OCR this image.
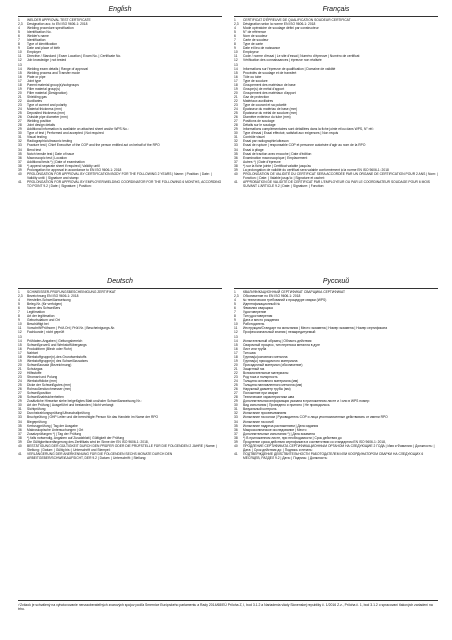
English
1	WELDER APPROVAL TEST CERTIFICATE
2,3	Designation acc. to EN ISO 9606-1: 2018
4	Welding procedure specification
5	Identification No.
6	Welder's name
7	Identification
8	Type of identification
9	Date and place of birth
10	Employer
11	Directive / Standard | Exam Location | Exam No. | Certificate No.
12	Job knowledge | not tested
13
14	Welding exam details | Range of approval
15	Welding process and Transfer mode
16	Plate or pipe
17	Joint type
18	Parent material group(s)/subgroups
19	Filler material group(s)
20	Filler material (Designation)
21	Shielding gas
22	Auxiliaries
23	Type of current and polarity
24	Material thickness (mm)
25	Deposited thickness (mm)
26	Outside pipe diameter (mm)
27	Welding position
28	Joint design details
29	Additional information is available on attached sheet and/or WPS No.:
30	Type of test | Performed and accepted | Not required
31	Visual testing
32	Radiographic/ultrasonic testing
33	Fracture test | Chief Executive of the COP and the person entitled act on behalf of the RPO
34	Bend test
35	Notch tensile test | Date of issue
36	Macroscopic test | Location
37	Additional tests *) | Date of examination
38	*) append separate sheet if required | Validity until
39	Prolongation for approval in accordance to EN ISO 9606-1: 2018
40	PROLONGATION FOR APPROVAL BY CERTIFICATION BODY FOR THE FOLLOWING 2 YEARS | Name: | Position: | Date: | Validity until: | Signature and stamp:
41	PROLONGATION FOR APPROVAL BY EMPLOYER/WELDING COORDINATOR FOR THE FOLLOWING 6 MONTHS, ACCORDING TO POINT 9.2 | Date: | Signature: | Position:
Français
1	CERTIFICAT D'ÉPREUVE DE QUALIFICATION SOUDEUR CERTIFICAT
2,3	Désignation selon la norme EN ISO 9606-1: 2018
4	Mode opératoire de soudage défini par constructeur
5	N° de référence
6	Nom de soudeur
7	Carte de soudeur
8	Type de carte
9	Date et lieu de naissance
10	Employeur
11	Code / norme d'essai | Le site d'essai | Numéro d'épreuve | Numéro de certificat
12	Vérification des connaissances | épreuve non réalisée
13
14	Informations sur l'épreuve de qualification | Domaine de validité
15	Procédés de soudage et de transfert
16	Tôle ou tube
17	Type de soudure
18	Groupement des matériaux de base
19	Groupe(s) de métal d'apport
20	Groupement des matériaux d'apport
21	Gaz de protection
22	Matériaux auxiliaires
23	Type de courant et sa polarité
24	Épaisseur du matériau de base (mm)
25	Épaisseur du métal de soudure (mm)
26	Diamètre extérieur du tube (mm)
27	Positions de soudage
28	Détails sur le soudage
29	Informations complémentaires sont détaillées dans la fiche jointe et/ou dans WPS, N° réf.:
30	Type d'essai | Essai effectué, satisfait aux exigences | Non requis
31	Contrôle visuel
32	Essai par radiographie/ultrason
33	Essai de rupture | responsable COP et personne autorisée d'agir au nom de la RPO
34	Essai à pliage
35	Essai de traction avec encoche | Date d'édition
36	Examination macroscopique | Emplacement
37	Autres *) | Date d'épreuve
38	*) sur la fiche jointe | Certificat valable jusqu'au
39	La prolongation de validité du certificat sera valable conformément à la norme EN ISO 9606-1: 2018
40	PROLONGATION DE VALIDITÉ DU CERTIFICAT SERA ACCORDÉE PAR UN ORGANE DE CERTIFICATION POUR 2 ANS | Nom: | Fonction: | Date: | Valable jusqu'à: | Signature et cachet:
41	APPROBATION DE VALIDITÉ DE CERTIFICAT PAR L'EMPLOYEUR OU PAR LE COORDINATEUR SOUDAGE POUR 6 MOIS SUIVANT L'ARTICLE 9.2 | Date: | Signature: | Fonction:
Deutsch
1	SCHWEISSER-PRÜFUNGSBESCHEINIGUNG ZERTIFIKAT
2,3	Bezeichnung EN ISO 9606-1: 2018
4	Hersteller-Schweißanweisung
5	Beleg-Nr. (für verfolgen)
6	Name des Schweißers
7	Legitimation
8	Art der legitimation
9	Geburtsdatum und Ort
10	Beschäftigt bei
11	Vorschrift/Prüfnorm | Prüf-Ort | Prüf-Nr. | Bescheinigungs-Nr.
12	Fachkunde | nicht geprüft
13
14	Prüfdaten-Angaben | Geltungsbereich
15	Schweißprozeß und Werkstoffübergangs
16	Produktform (Blech oder Rohr)
17	Nahtart
18	Werkstoffgruppe(n)-des Grundwerkstoffs
19	Werkstoffgruppe(n) des Schweißzusatzes
20	Schweißzusatz (Bezeichnung)
21	Schutzgas
22	Hilfsstoffe
23	Stromart und Polung
24	Werkstoffdicke (mm)
25	Dicke der Schweißgutes (mm)
26	Rohraußendurchmesser (mm)
27	Schweißposition
28	Schweißnahtsicherheiten
29	Zusätzliche Hinweise siehe beigefügtes Blatt und/oder Schweißanweisung Nr.:
30	Art der Prüfung | Ausgeführt und bestanden | Nicht verlangt
31	Sichtprüfung
32	Durchstrahlungsprüfung/Ultraschallprüfung
33	Bruchprüfung | GHP Leiter und die berechtigte Person für das Handeln im Name der RPO
34	Biegeprüfung
35	Kerbzugprüfung | Tag der Ausgabe
36	Makroskopische Untersuchungen | Ort
37	Zusatzprüfungen *) | Tag der Prüfung
38	*) falls notwendig, Angaben auf Zusatzblatt | Gültigkeit der Prüfung
39	Die Gültigkeitsverlängerung des Zertifikats wird im Sinne der EN ISO 9606-1: 2018,
40	BESTÄTIGUNG DER GÜLTIGKEIT DURCH DEN PRÜFER ODER DIE PRÜFSTELLE FÜR DIE FOLGENDEN 2 JAHRE | Name: | Stellung: | Datum: | Gültig bis: | Unterschrift und Stempel:
41	VERLÄNGERUNG DER ANERKENNUNG FÜR DIE FOLGENDEN SECHS MONATE DURCH DEN ARBEITGEBER/SCHWEIßAUFSICHT, DER 9.2 | Datum: | Unterschrift: | Stellung:
Русский
1	КВАЛИФИКАЦИОННЫЙ СЕРТИФИКАТ СВАРЩИКА СЕРТИФИКАТ
2,3	Обозначение по EN ISO 9606-1: 2018
4	№ технических требований к процедуре сварки (WPS)
5	Идентификационный №
6	Фамилия сварщика
7	Удостоверение
8	Тип удостоверения
9	Дата и место рождения
10	Работодатель
11	Инструкция/Стандарт на испытания | Место экзамена | Номер экзамена | Номер сертификата
12	Профессиональный знания | неаккредитуемый
13
14	Испытательный образец | Область действия
15	Сварочный процесс, тип переноса металла в дуге
16	Лист или труба
17	Тип шва
18	Группа(ы)основного металла
19	Группа(ы) присадочного материала
20	Присадочный материал (обозначение)
21	Защитный газ
22	Вспомогательные материалы
23	Род тока и полярность
24	Толщина основного материала (мм)
25	Толщина наплавленного металла (мм)
26	Наружный диаметр трубы (мм)
27	Положение при сварке
28	Технические характеристики шва
29	Дополнительная информация указана в приложенном листе и / или в WPS номер:
30	Вид испытания | Проведено и принято | Не проводилось
31	Визуальный контроль
32	Испытание просвечиванием
33	Испытание на излом | Руководитель COP и лица уполномоченные действовать от имени RPO
34	Испытание на изгиб
35	Испытание надреза растяжением | Дата издания
36	Макроскопическое исследование | Место
37	Дополнительные испытания *) | Дата экзамена
38	*) В приложенном листе, при необходимости | Срок действия до
39	Продление срока действия сертификата в соответствии со стандартом EN ISO 9606-1: 2018,
40	ПРОДЛЕНИЕ СЕРТИФИКАТА СЕРТИФИКАЦИОННЫМ ОРГАНОМ НА СЛЕДУЮЩИЕ 2 ГОДА | Имя и Фамилия: | Должность: | Дата: | Срок действия до: | Подпись и печать:
41	ПОДТВЕРЖДЕНИЕ ДЕЙСТВИТЕЛЬНОСТИ РАБОТОДАТЕЛЕМ ИЛИ КООРДИНАТОРОМ СВАРКИ НА СЛЕДУЮЩИХ 6 МЕСЯЦЕВ, РАЗДЕЛ 9.2 | Дата: | Подпись: | Должность:
¹⁾Zväzok je schválený na vyhotovovanie nenzaoberateľných zvarových spojov podľa Smernice Európskeho parlamentu a Rady 2014/68/EÚ Príloha Z, I, bod 3.1.2 a Nariadenia vlády Slovenskej republiky č. 1/2016 Z.z., Príloha č. 1, bod 3.1.2 o spracovaní tlakových zariadení na trhu.
